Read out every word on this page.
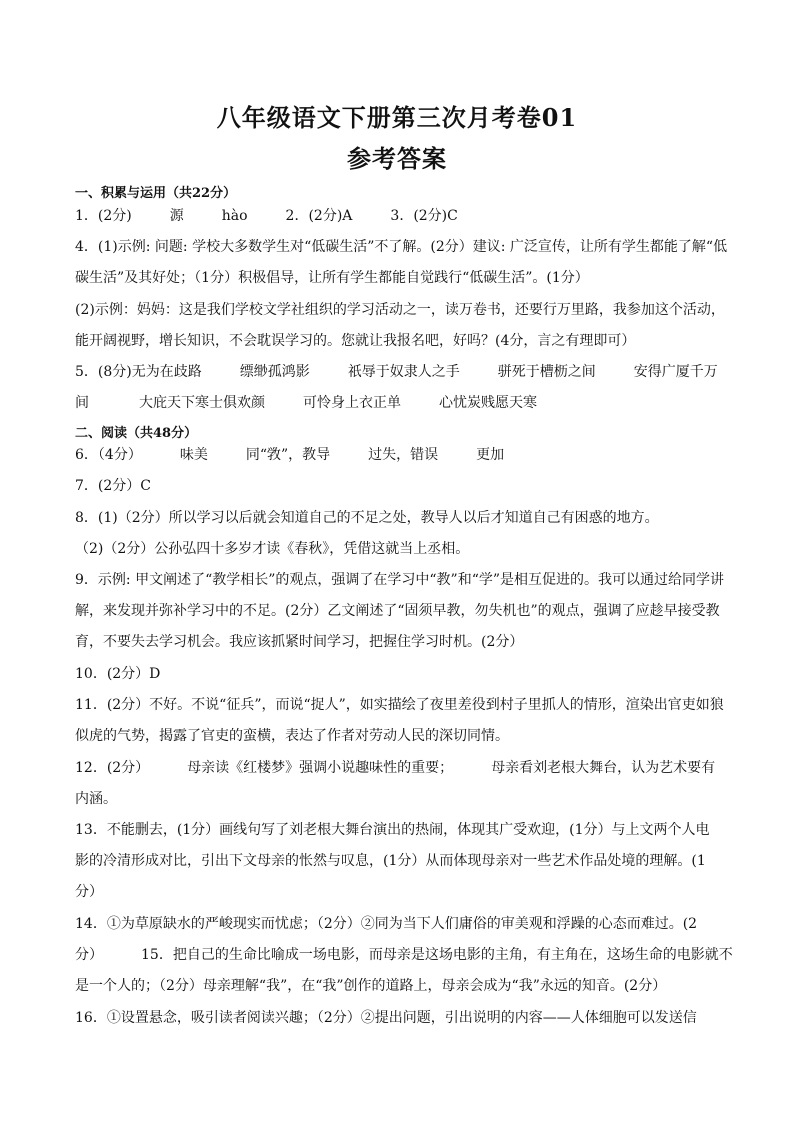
八年级语文下册第三次月考卷01
参考答案
一、积累与运用（共22分）
1．(2分)	源	hào	2．(2分)A	3．(2分)C
4．(1)示例: 问题: 学校大多数学生对“低碳生活”不了解。(2分）建议: 广泛宣传，让所有学生都能了解“低
碳生活”及其好处；（1分）积极倡导，让所有学生都能自觉践行“低碳生活”。(1分）
(2)示例：妈妈：这是我们学校文学社组织的学习活动之一，读万卷书，还要行万里路，我参加这个活动，
能开阔视野，增长知识，不会耽误学习的。您就让我报名吧，好吗？(4分，言之有理即可）
5．(8分)无为在歧路	缥缈孤鸿影	祇辱于奴隶人之手	骈死于槽枥之间	安得广厦千万
间	大庇天下寒士俱欢颜	可怜身上衣正单	心忧炭贱愿天寒
二、阅读（共48分）
6．（4分）	味美	同“敩”，教导	过失，错误	更加
7．(2分）C
8．(1)（2分）所以学习以后就会知道自己的不足之处，教导人以后才知道自己有困惑的地方。
（2)（2分）公孙弘四十多岁才读《春秋》，凭借这就当上丞相。
9．示例: 甲文阐述了“教学相长”的观点，强调了在学习中“教”和“学”是相互促进的。我可以通过给同学讲
解，来发现并弥补学习中的不足。(2分）乙文阐述了“固须早教，勿失机也”的观点，强调了应趁早接受教
育，不要失去学习机会。我应该抓紧时间学习，把握住学习时机。(2分）
10．(2分）D
11．(2分）不好。不说“征兵”，而说“捉人”，如实描绘了夜里差役到村子里抓人的情形，渲染出官吏如狼
似虎的气势，揭露了官吏的蛮横，表达了作者对劳动人民的深切同情。
12．(2分）	母亲读《红楼梦》强调小说趣味性的重要；	母亲看刘老根大舞台，认为艺术要有
内涵。
13．不能删去，(1分）画线句写了刘老根大舞台演出的热闹，体现其广受欢迎，(1分）与上文两个人电
影的冷清形成对比，引出下文母亲的怅然与叹息，(1分）从而体现母亲对一些艺术作品处境的理解。(1
分）
14．①为草原缺水的严峻现实而忧虑；（2分）②同为当下人们庸俗的审美观和浮躁的心态而难过。(2
分）	15．把自己的生命比喻成一场电影，而母亲是这场电影的主角，有主角在，这场生命的电影就不
是一个人的；（2分）母亲理解“我”，在“我”创作的道路上，母亲会成为“我”永远的知音。(2分）
16．①设置悬念，吸引读者阅读兴趣；（2分）②提出问题，引出说明的内容——人体细胞可以发送信
